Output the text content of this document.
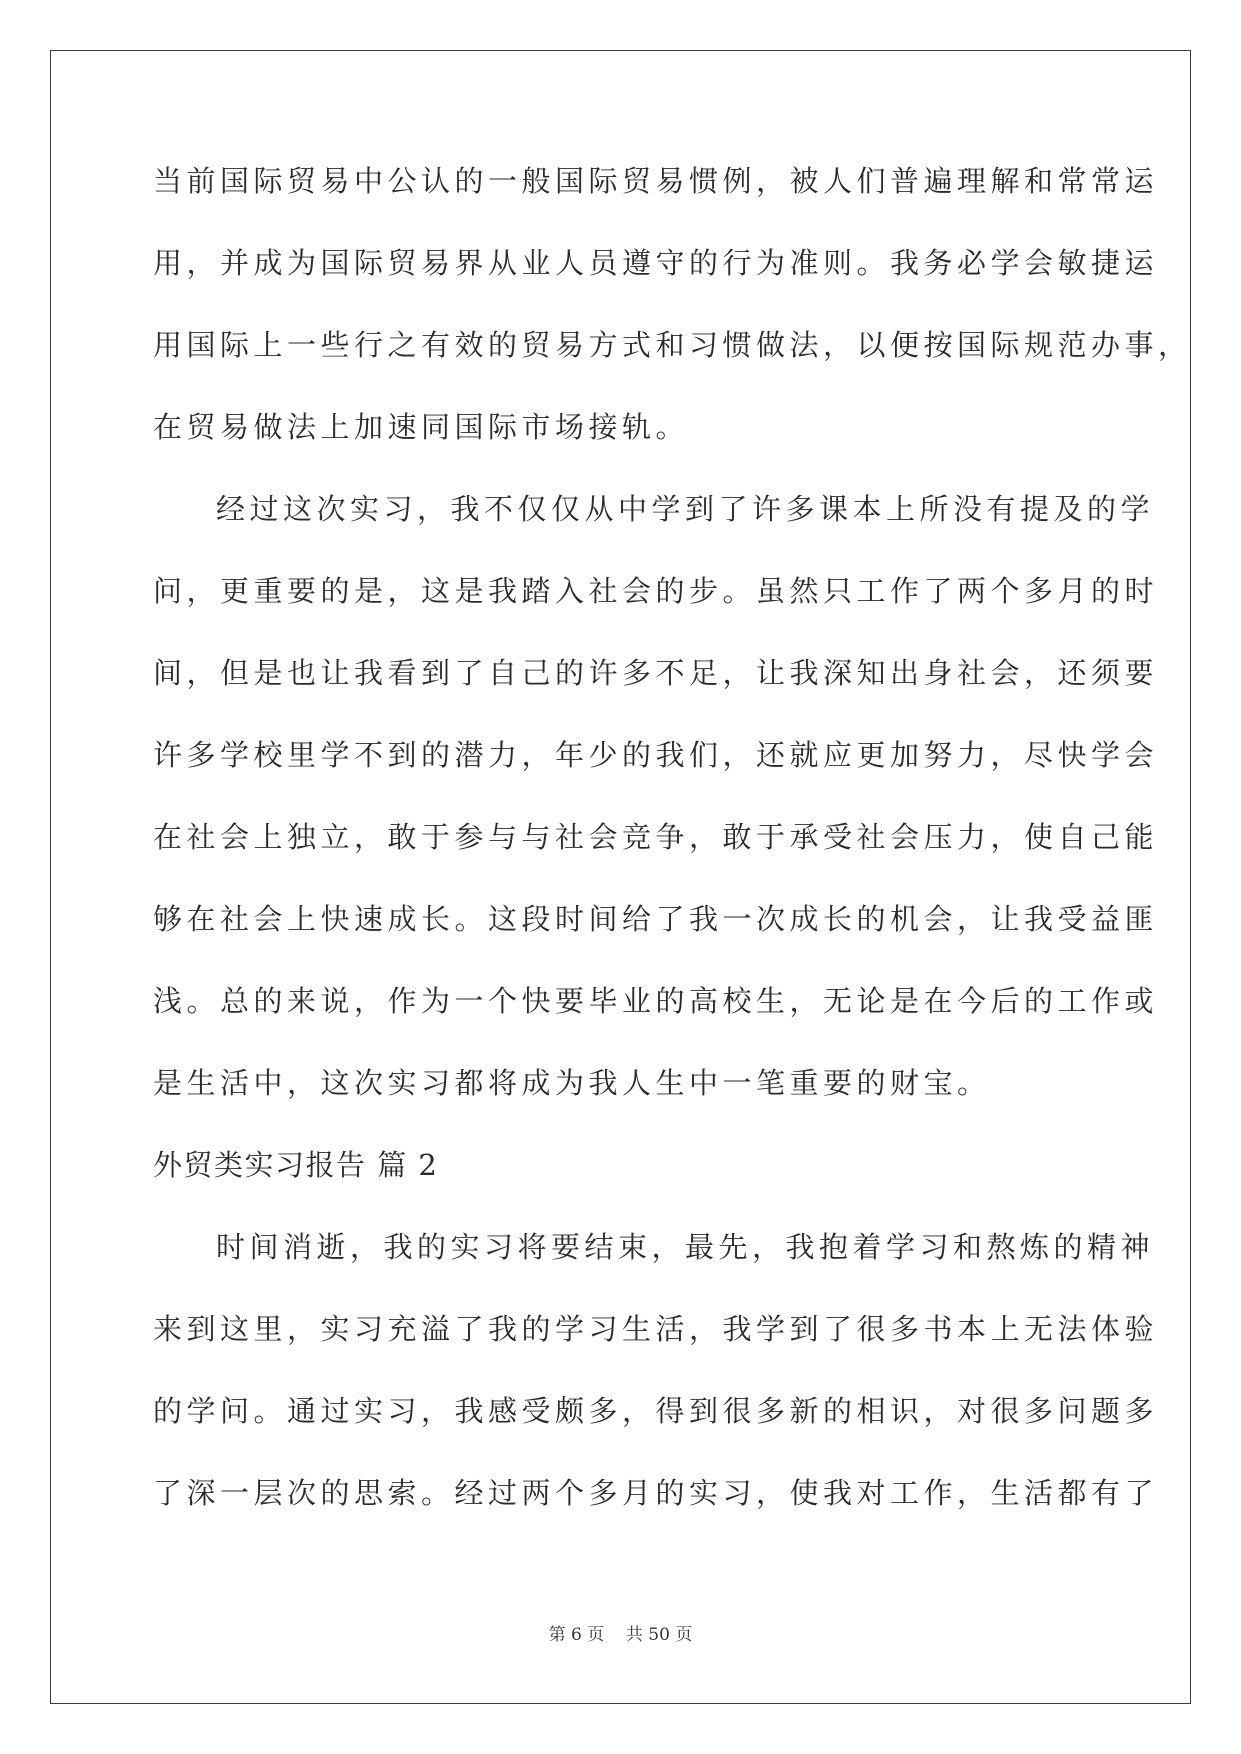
当前国际贸易中公认的一般国际贸易惯例，被人们普遍理解和常常运
用，并成为国际贸易界从业人员遵守的行为准则。我务必学会敏捷运
用国际上一些行之有效的贸易方式和习惯做法，以便按国际规范办事，
在贸易做法上加速同国际市场接轨。
经过这次实习，我不仅仅从中学到了许多课本上所没有提及的学
问，更重要的是，这是我踏入社会的步。虽然只工作了两个多月的时
间，但是也让我看到了自己的许多不足，让我深知出身社会，还须要
许多学校里学不到的潜力，年少的我们，还就应更加努力，尽快学会
在社会上独立，敢于参与与社会竞争，敢于承受社会压力，使自己能
够在社会上快速成长。这段时间给了我一次成长的机会，让我受益匪
浅。总的来说，作为一个快要毕业的高校生，无论是在今后的工作或
是生活中，这次实习都将成为我人生中一笔重要的财宝。
外贸类实习报告 篇 2
时间消逝，我的实习将要结束，最先，我抱着学习和熬炼的精神
来到这里，实习充溢了我的学习生活，我学到了很多书本上无法体验
的学问。通过实习，我感受颇多，得到很多新的相识，对很多问题多
了深一层次的思索。经过两个多月的实习，使我对工作，生活都有了
第 6 页    共 50 页
